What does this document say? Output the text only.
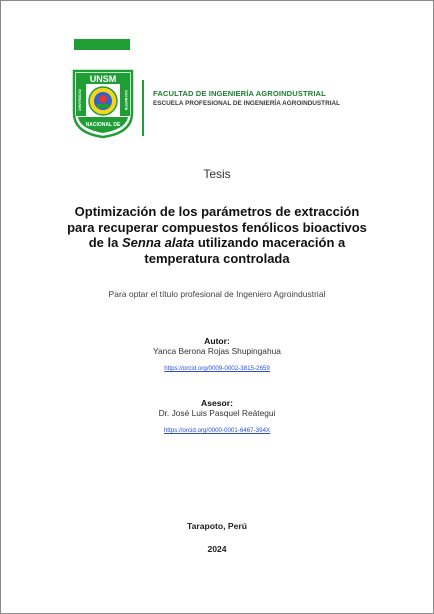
UNSM
NACIONAL DE
UNIVERSIDAD	SAN MARTIN	FACULTAD DE INGENIERÍA AGROINDUSTRIAL
ESCUELA PROFESIONAL DE INGENIERÍA AGROINDUSTRIAL
Tesis
Optimización de los parámetros de extracción
para recuperar compuestos fenólicos bioactivos
de la Senna alata utilizando maceración a
temperatura controlada
Para optar el título profesional de Ingeniero Agroindustrial
Autor:
Yanca Berona Rojas Shupingahua
https://orcid.org/0009-0002-3815-2659
Asesor:
Dr. José Luis Pasquel Reátegui
https://orcid.org/0000-0001-6467-394X
Tarapoto, Perú
2024
